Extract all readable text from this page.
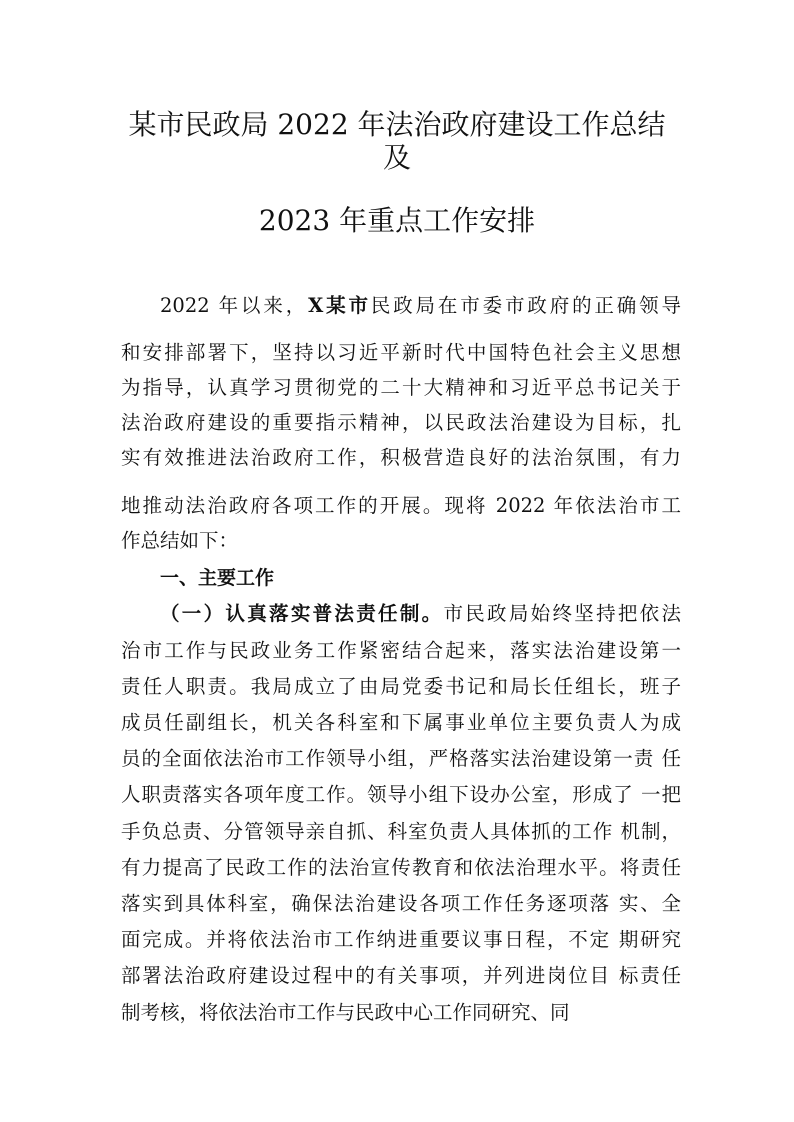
某市民政局 2022 年法治政府建设工作总结
及
2023 年重点工作安排

2022 年以来，X某市民政局在市委市政府的正确领导

和安排部署下，坚持以习近平新时代中国特色社会主义思想

为指导，认真学习贯彻党的二十大精神和习近平总书记关于

法治政府建设的重要指示精神，以民政法治建设为目标，扎

实有效推进法治政府工作，积极营造良好的法治氛围，有力

地推动法治政府各项工作的开展。现将 2022 年依法治市工

作总结如下：

一、主要工作

（一）认真落实普法责任制。市民政局始终坚持把依法

治市工作与民政业务工作紧密结合起来，落实法治建设第一

责任人职责。我局成立了由局党委书记和局长任组长，班子

成员任副组长，机关各科室和下属事业单位主要负责人为成

员的全面依法治市工作领导小组，严格落实法治建设第一责 任

人职责落实各项年度工作。领导小组下设办公室，形成了 一把

手负总责、分管领导亲自抓、科室负责人具体抓的工作 机制，

有力提高了民政工作的法治宣传教育和依法治理水平。将责任

落实到具体科室，确保法治建设各项工作任务逐项落 实、全

面完成。并将依法治市工作纳进重要议事日程，不定 期研究

部署法治政府建设过程中的有关事项，并列进岗位目 标责任

制考核，将依法治市工作与民政中心工作同研究、同
